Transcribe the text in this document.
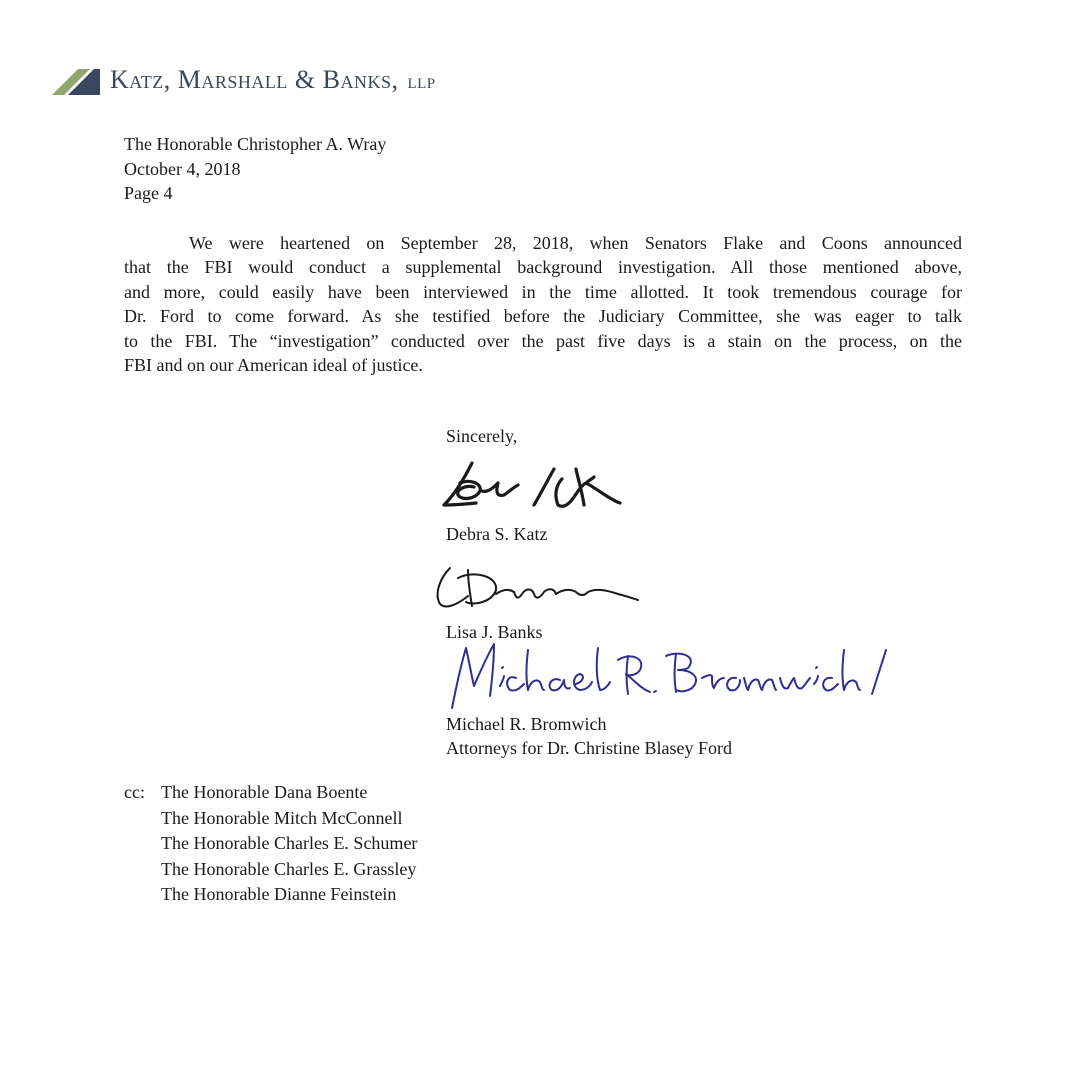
Katz, Marshall & Banks, LLP
The Honorable Christopher A. Wray
October 4, 2018
Page 4
We were heartened on September 28, 2018, when Senators Flake and Coons announced
that the FBI would conduct a supplemental background investigation. All those mentioned above,
and more, could easily have been interviewed in the time allotted. It took tremendous courage for
Dr. Ford to come forward. As she testified before the Judiciary Committee, she was eager to talk
to the FBI. The “investigation” conducted over the past five days is a stain on the process, on the
FBI and on our American ideal of justice.
Sincerely,
Debra S. Katz
Lisa J. Banks
Michael R. Bromwich
Attorneys for Dr. Christine Blasey Ford
cc: The Honorable Dana Boente
The Honorable Mitch McConnell
The Honorable Charles E. Schumer
The Honorable Charles E. Grassley
The Honorable Dianne Feinstein
